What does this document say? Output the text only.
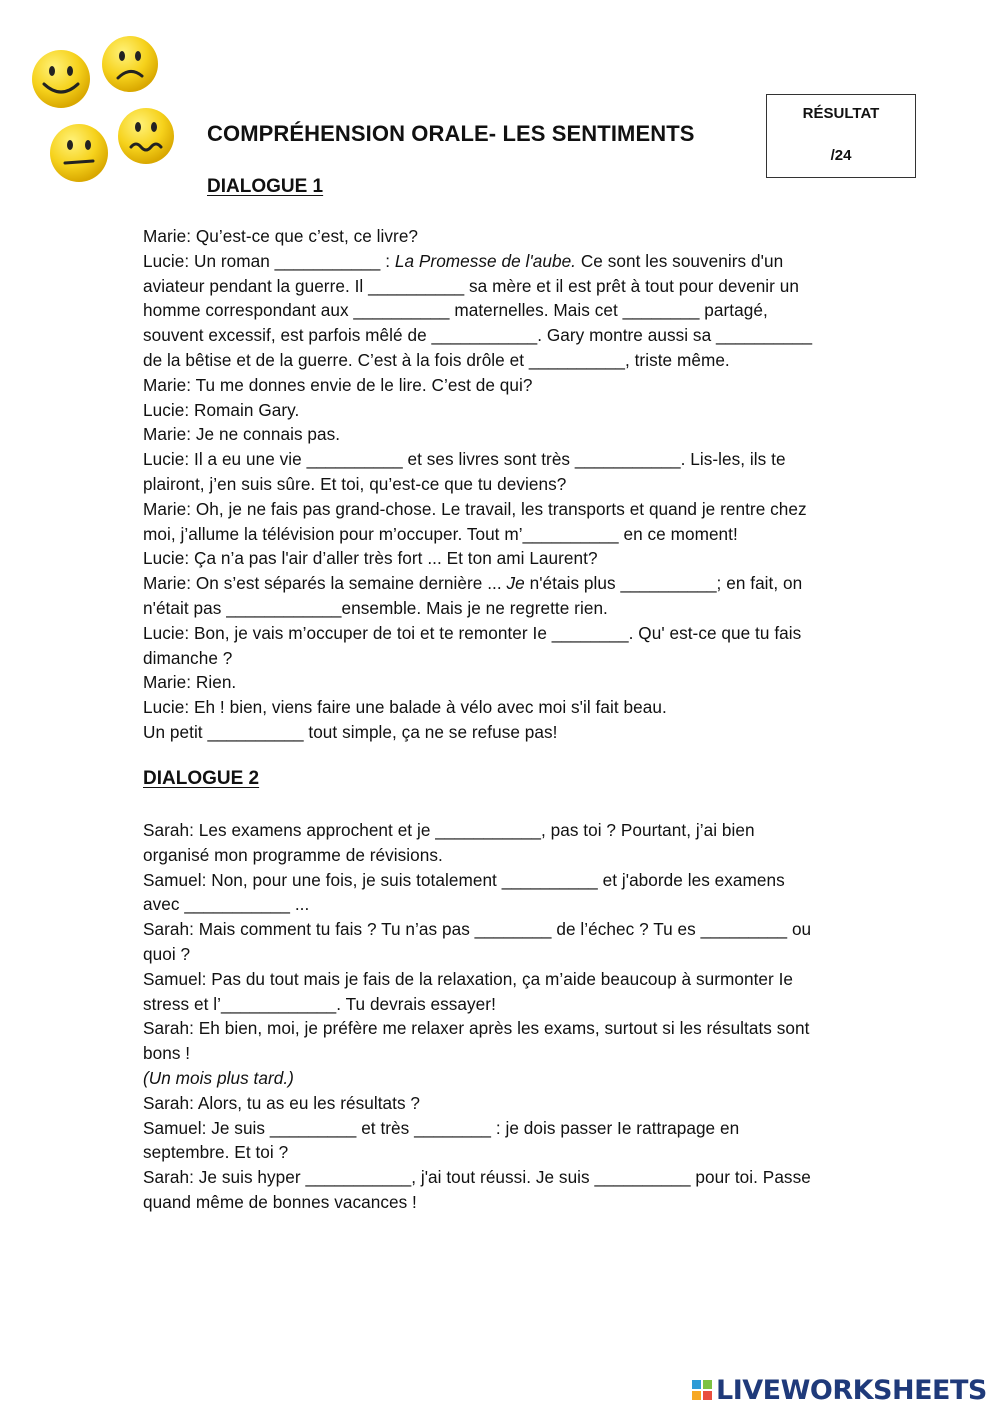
COMPRÉHENSION ORALE- LES SENTIMENTS
RÉSULTAT
/24
DIALOGUE 1
Marie: Qu’est-ce que c’est, ce livre?
Lucie: Un roman ___________ : La Promesse de l'aube. Ce sont les souvenirs d'un
aviateur pendant la guerre. Il __________ sa mère et il est prêt à tout pour devenir un
homme correspondant aux __________ maternelles. Mais cet ________ partagé,
souvent excessif, est parfois mêlé de ___________. Gary montre aussi sa __________
de la bêtise et de la guerre. C’est à la fois drôle et __________, triste même.
Marie: Tu me donnes envie de le lire. C’est de qui?
Lucie: Romain Gary.
Marie: Je ne connais pas.
Lucie: Il a eu une vie __________ et ses livres sont très ___________. Lis-les, ils te
plairont, j’en suis sûre. Et toi, qu’est-ce que tu deviens?
Marie: Oh, je ne fais pas grand-chose. Le travail, les transports et quand je rentre chez
moi, j’allume la télévision pour m’occuper. Tout m’__________ en ce moment!
Lucie: Ça n’a pas l'air d’aller très fort ... Et ton ami Laurent?
Marie: On s’est séparés la semaine dernière ... Je n'étais plus __________; en fait, on
n'était pas ____________ensemble. Mais je ne regrette rien.
Lucie: Bon, je vais m’occuper de toi et te remonter Ie ________. Qu' est-ce que tu fais
dimanche ?
Marie: Rien.
Lucie: Eh ! bien, viens faire une balade à vélo avec moi s'il fait beau.
Un petit __________ tout simple, ça ne se refuse pas!
DIALOGUE 2
Sarah: Les examens approchent et je ___________, pas toi ? Pourtant, j’ai bien
organisé mon programme de révisions.
Samuel: Non, pour une fois, je suis totalement __________ et j'aborde les examens
avec ___________ ...
Sarah: Mais comment tu fais ? Tu n’as pas ________ de l’échec ? Tu es _________ ou
quoi ?
Samuel: Pas du tout mais je fais de la relaxation, ça m’aide beaucoup à surmonter Ie
stress et l’____________. Tu devrais essayer!
Sarah: Eh bien, moi, je préfère me relaxer après les exams, surtout si les résultats sont
bons !
(Un mois plus tard.)
Sarah: Alors, tu as eu les résultats ?
Samuel: Je suis _________ et très ________ : je dois passer Ie rattrapage en
septembre. Et toi ?
Sarah: Je suis hyper ___________, j'ai tout réussi. Je suis __________ pour toi. Passe
quand même de bonnes vacances !
LIVEWORKSHEETS
